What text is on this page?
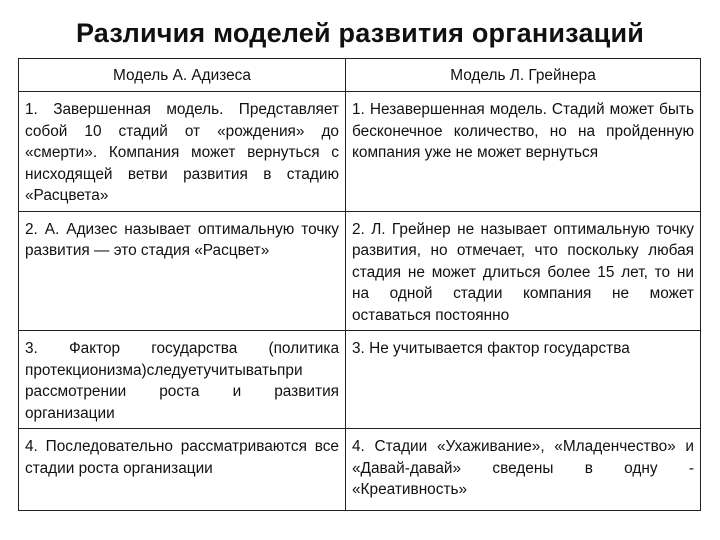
Различия моделей развития организаций
Модель А. Адизеса	Модель Л. Грейнера
1. Завершенная модель. Представляет собой 10 стадий от «рождения» до «смерти». Компания может вернуться с нисходящей ветви развития в стадию «Расцвета»	1. Незавершенная модель. Стадий может быть бесконечное количество, но на пройденную компания уже не может вернуться
2. А. Адизес называет оптимальную точку развития — это стадия «Расцвет»	2. Л. Грейнер не называет оптимальную точку развития, но отмечает, что поскольку любая стадия не может длиться более 15 лет, то ни на одной стадии компания не может оставаться постоянно
3. Фактор государства (политика протекционизма)следуетучитыватьпри рассмотрении роста и развития организации	3. Не учитывается фактор государства
4. Последовательно рассматриваются все стадии роста организации	4. Стадии «Ухаживание», «Младенчество» и «Давай-давай» сведены в одну - «Креативность»
